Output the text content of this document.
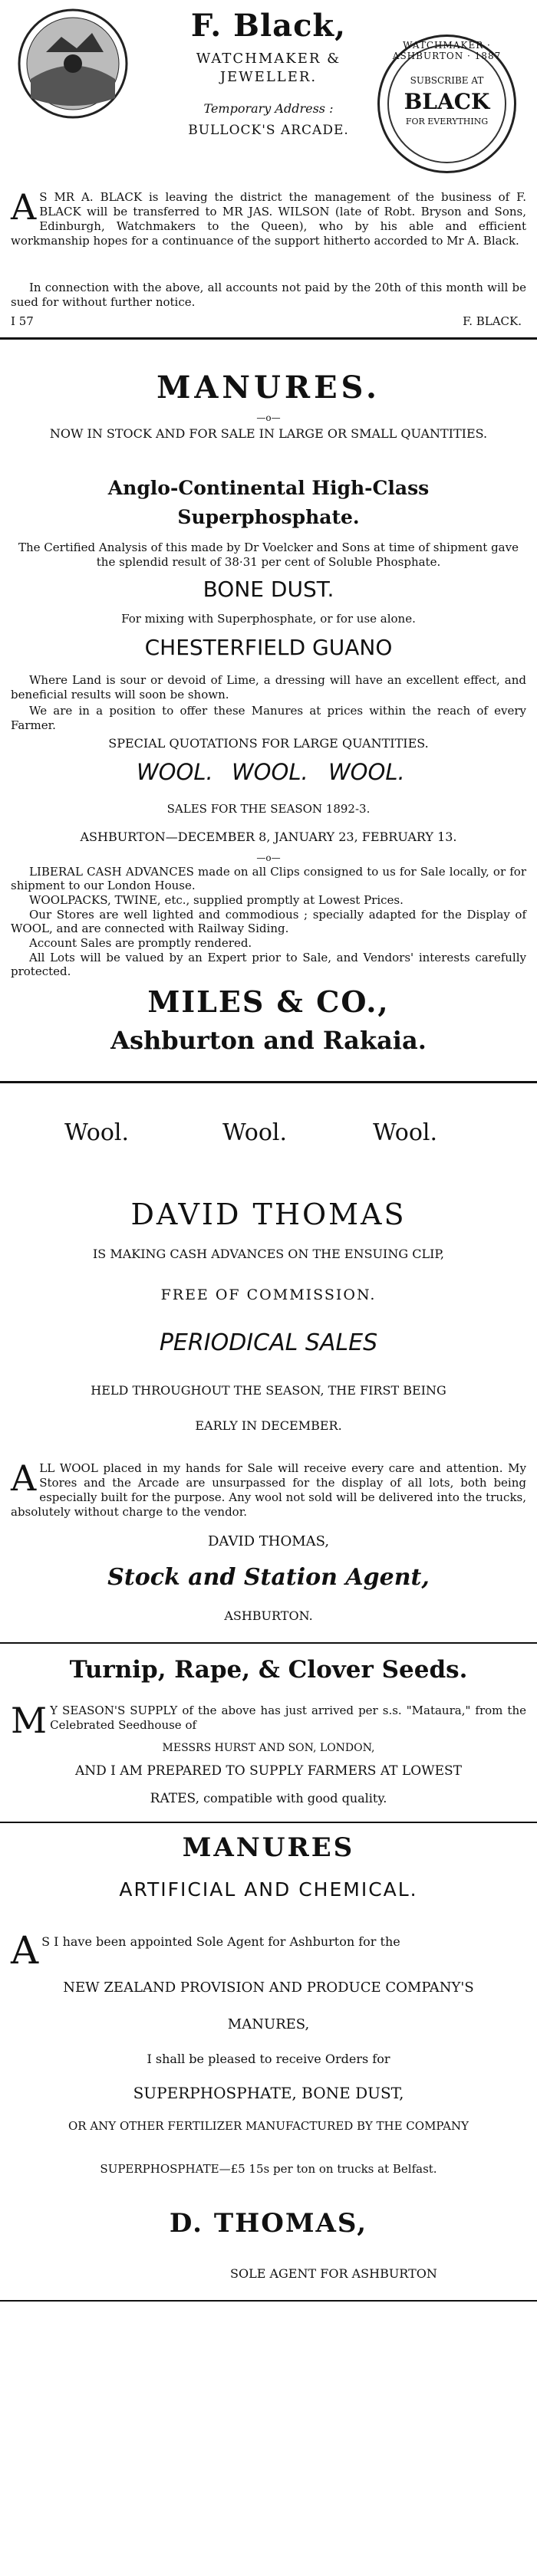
F. Black,
WATCHMAKER &
JEWELLER.
Temporary Address :
BULLOCK'S ARCADE.
WATCHMAKER · ASHBURTON · 1887
SUBSCRIBE AT
BLACK
FOR EVERYTHING
A S MR A. BLACK is leaving the district the management of the business of F. BLACK will be transferred to MR JAS. WILSON (late of Robt. Bryson and Sons, Edinburgh, Watchmakers to the Queen), who by his able and efficient workmanship hopes for a continuance of the support hitherto accorded to Mr A. Black.
In connection with the above, all accounts not paid by the 20th of this month will be sued for without further notice.
I 57	F. BLACK.
MANURES.
—o—
NOW IN STOCK AND FOR SALE IN LARGE OR SMALL QUANTITIES.
Anglo-Continental High-Class
Superphosphate.
The Certified Analysis of this made by Dr Voelcker and Sons at time of shipment gave the splendid result of 38·31 per cent of Soluble Phosphate.
BONE DUST.
For mixing with Superphosphate, or for use alone.
CHESTERFIELD GUANO
Where Land is sour or devoid of Lime, a dressing will have an excellent effect, and beneficial results will soon be shown.
We are in a position to offer these Manures at prices within the reach of every Farmer.
SPECIAL QUOTATIONS FOR LARGE QUANTITIES.
WOOL. WOOL. WOOL.
SALES FOR THE SEASON 1892-3.
ASHBURTON—DECEMBER 8, JANUARY 23, FEBRUARY 13.
—o—
LIBERAL CASH ADVANCES made on all Clips consigned to us for Sale locally, or for shipment to our London House.
WOOLPACKS, TWINE, etc., supplied promptly at Lowest Prices.
Our Stores are well lighted and commodious ; specially adapted for the Display of WOOL, and are connected with Railway Siding.
Account Sales are promptly rendered.
All Lots will be valued by an Expert prior to Sale, and Vendors' interests carefully protected.
MILES & CO.,
Ashburton and Rakaia.
Wool.	Wool.	Wool.
DAVID THOMAS
IS MAKING CASH ADVANCES ON THE ENSUING CLIP,
FREE OF COMMISSION.
PERIODICAL SALES
HELD THROUGHOUT THE SEASON, THE FIRST BEING
EARLY IN DECEMBER.
ALL WOOL placed in my hands for Sale will receive every care and attention. My Stores and the Arcade are unsurpassed for the display of all lots, both being especially built for the purpose. Any wool not sold will be delivered into the trucks, absolutely without charge to the vendor.
DAVID THOMAS,
Stock and Station Agent,
ASHBURTON.
Turnip, Rape, & Clover Seeds.
M Y SEASON'S SUPPLY of the above has just arrived per s.s. "Mataura," from the Celebrated Seedhouse of
MESSRS HURST AND SON, LONDON,
AND I AM PREPARED TO SUPPLY FARMERS AT LOWEST
RATES, compatible with good quality.
MANURES
ARTIFICIAL AND CHEMICAL.
A S I have been appointed Sole Agent for Ashburton for the
NEW ZEALAND PROVISION AND PRODUCE COMPANY'S
MANURES,
I shall be pleased to receive Orders for
SUPERPHOSPHATE, BONE DUST,
OR ANY OTHER FERTILIZER MANUFACTURED BY THE COMPANY
SUPERPHOSPHATE—£5 15s per ton on trucks at Belfast.
D. THOMAS,
SOLE AGENT FOR ASHBURTON
